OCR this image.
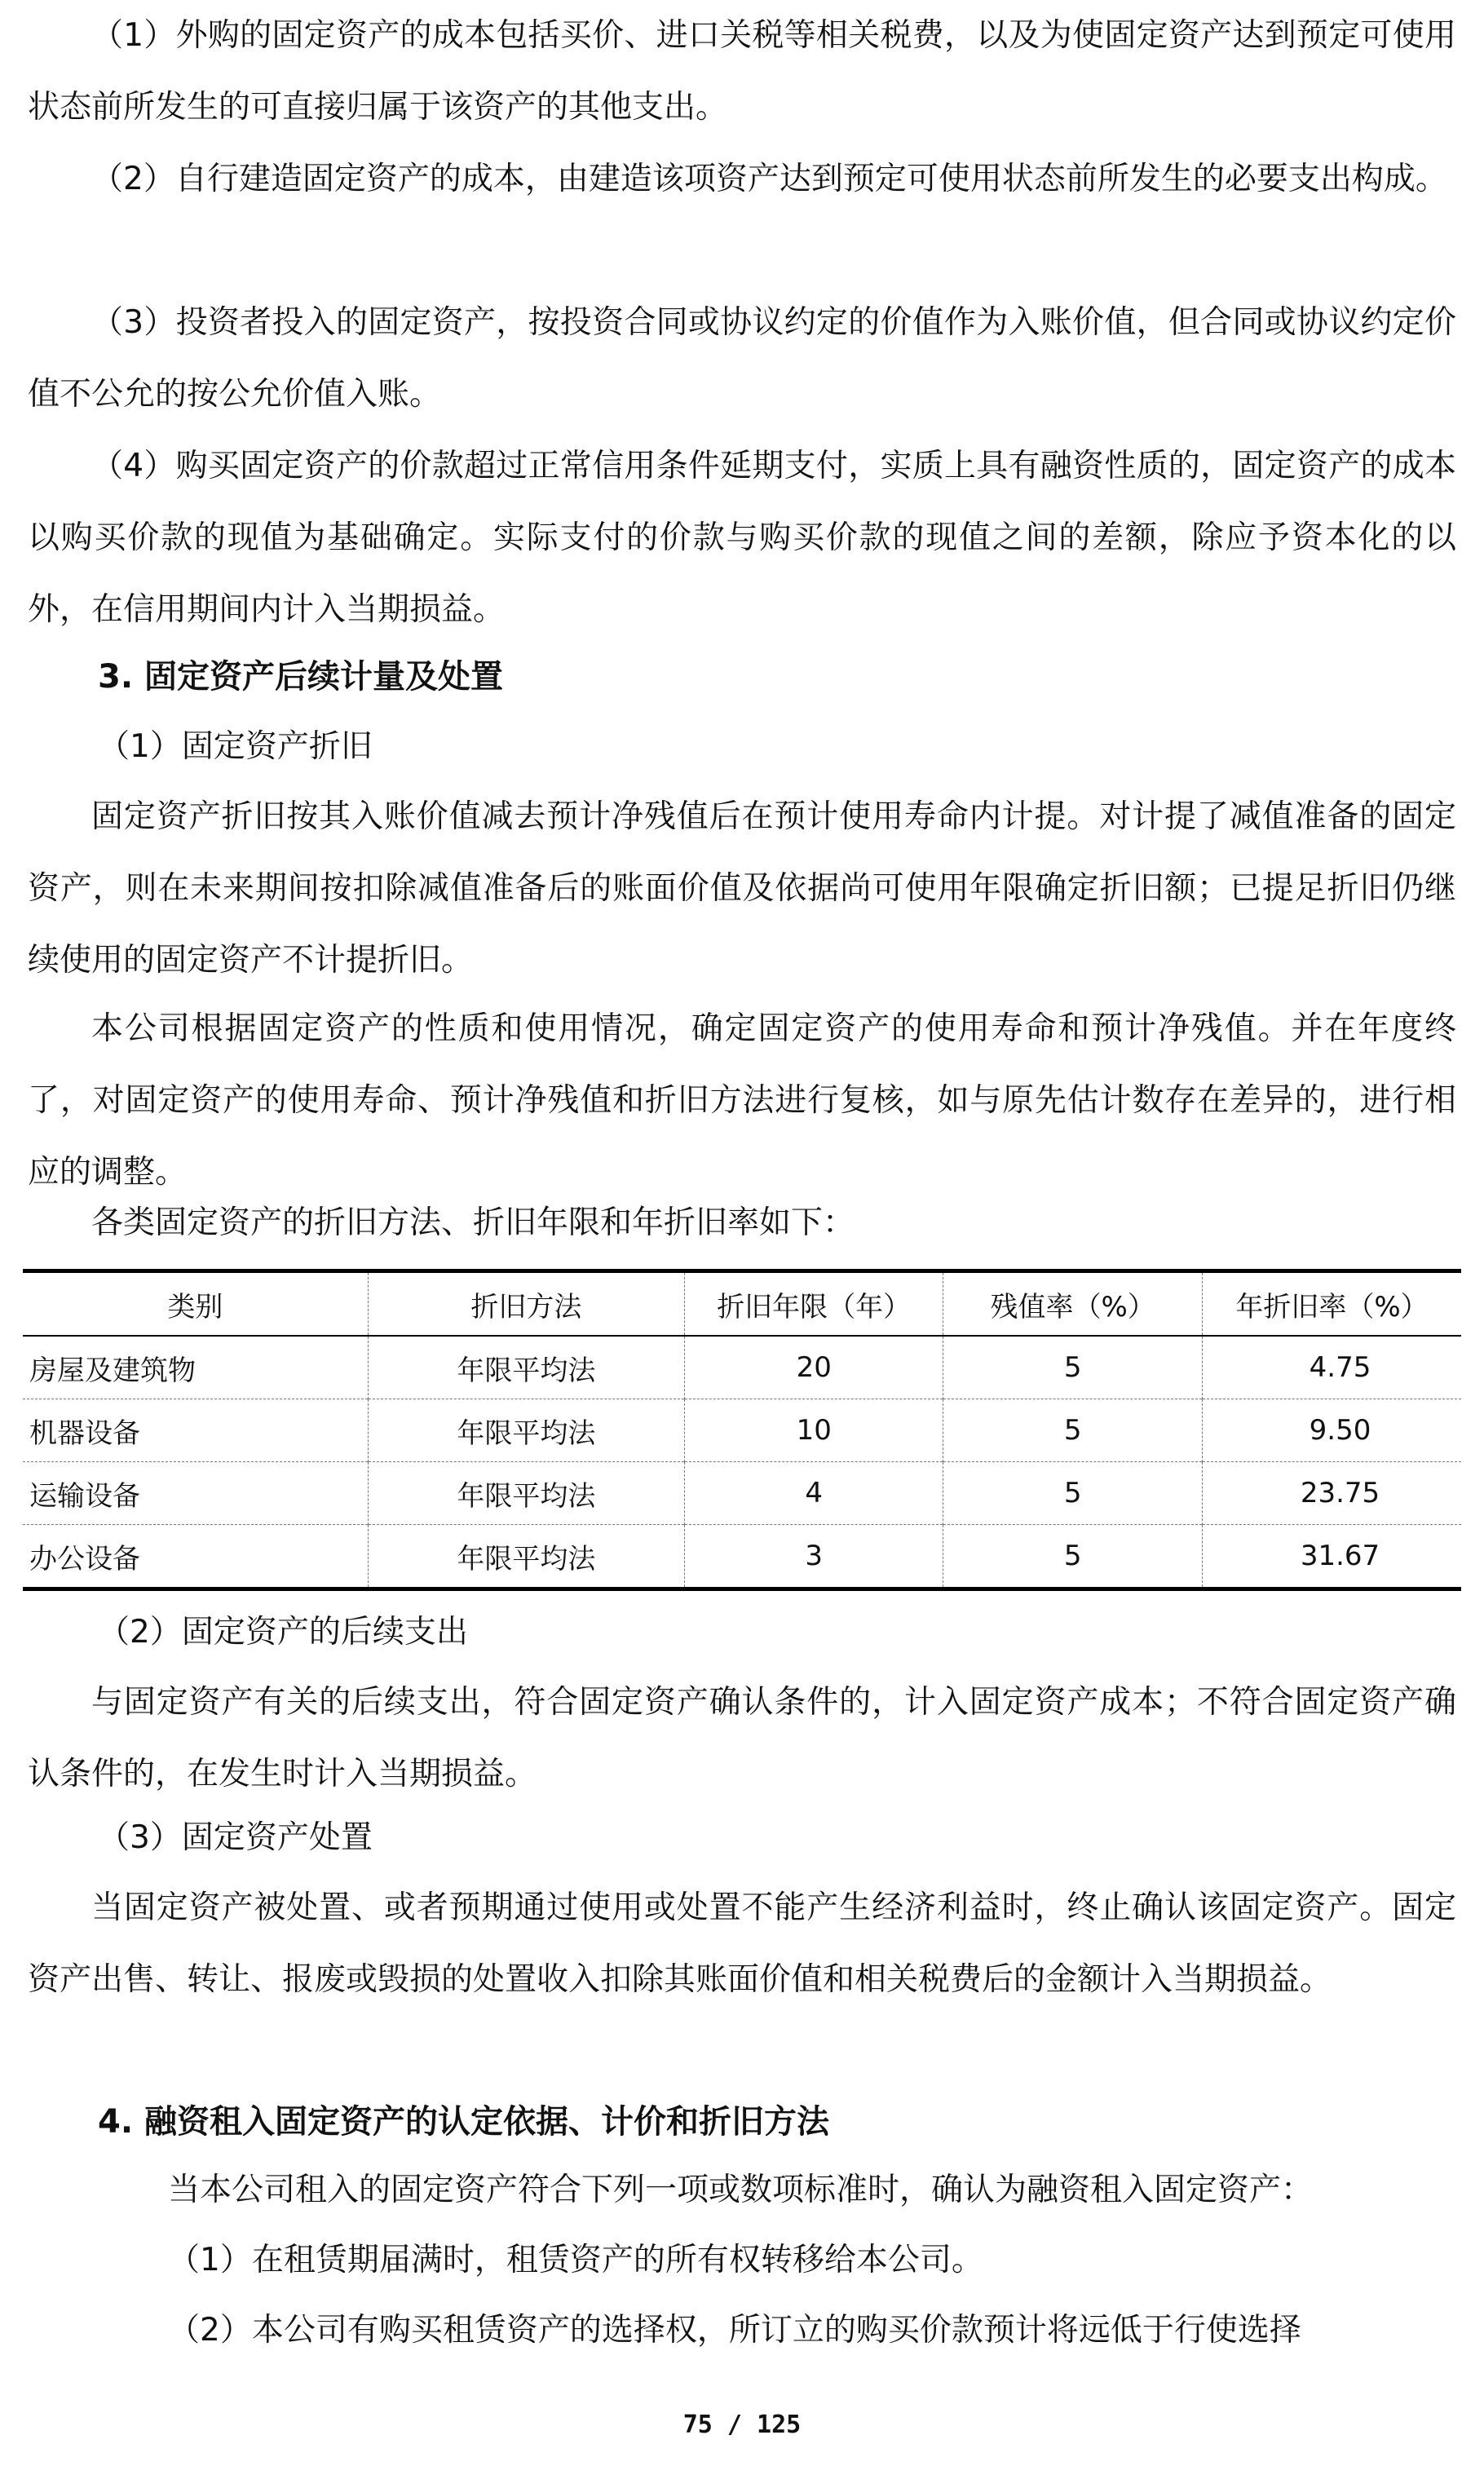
（1）外购的固定资产的成本包括买价、进口关税等相关税费，以及为使固定资产达到预定可使用状态前所发生的可直接归属于该资产的其他支出。

（2）自行建造固定资产的成本，由建造该项资产达到预定可使用状态前所发生的必要支出构成。

（3）投资者投入的固定资产，按投资合同或协议约定的价值作为入账价值，但合同或协议约定价值不公允的按公允价值入账。

（4）购买固定资产的价款超过正常信用条件延期支付，实质上具有融资性质的，固定资产的成本以购买价款的现值为基础确定。实际支付的价款与购买价款的现值之间的差额，除应予资本化的以外，在信用期间内计入当期损益。

3. 固定资产后续计量及处置

（1）固定资产折旧

固定资产折旧按其入账价值减去预计净残值后在预计使用寿命内计提。对计提了减值准备的固定资产，则在未来期间按扣除减值准备后的账面价值及依据尚可使用年限确定折旧额；已提足折旧仍继续使用的固定资产不计提折旧。

本公司根据固定资产的性质和使用情况，确定固定资产的使用寿命和预计净残值。并在年度终了，对固定资产的使用寿命、预计净残值和折旧方法进行复核，如与原先估计数存在差异的，进行相应的调整。

各类固定资产的折旧方法、折旧年限和年折旧率如下：

类别	折旧方法	折旧年限（年）	残值率（%）	年折旧率（%）
房屋及建筑物	年限平均法	20	5	4.75
机器设备	年限平均法	10	5	9.50
运输设备	年限平均法	4	5	23.75
办公设备	年限平均法	3	5	31.67

（2）固定资产的后续支出

与固定资产有关的后续支出，符合固定资产确认条件的，计入固定资产成本；不符合固定资产确认条件的，在发生时计入当期损益。

（3）固定资产处置

当固定资产被处置、或者预期通过使用或处置不能产生经济利益时，终止确认该固定资产。固定资产出售、转让、报废或毁损的处置收入扣除其账面价值和相关税费后的金额计入当期损益。

4. 融资租入固定资产的认定依据、计价和折旧方法

当本公司租入的固定资产符合下列一项或数项标准时，确认为融资租入固定资产：

（1）在租赁期届满时，租赁资产的所有权转移给本公司。

（2）本公司有购买租赁资产的选择权，所订立的购买价款预计将远低于行使选择

75 / 125
